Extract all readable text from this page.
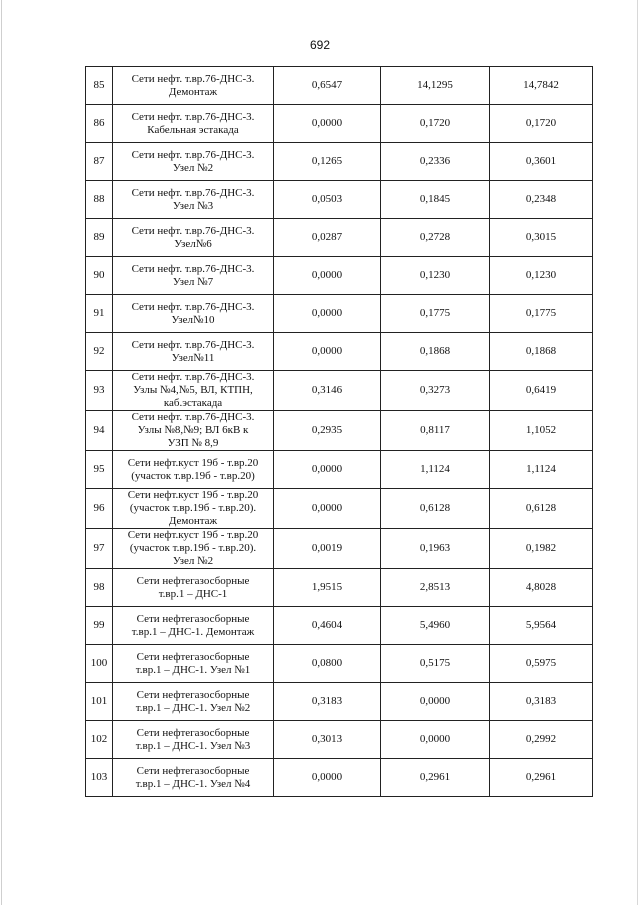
692
85	Сети нефт. т.вр.76-ДНС-3.
Демонтаж	0,6547	14,1295	14,7842
86	Сети нефт. т.вр.76-ДНС-3.
Кабельная эстакада	0,0000	0,1720	0,1720
87	Сети нефт. т.вр.76-ДНС-3.
Узел №2	0,1265	0,2336	0,3601
88	Сети нефт. т.вр.76-ДНС-3.
Узел №3	0,0503	0,1845	0,2348
89	Сети нефт. т.вр.76-ДНС-3.
Узел№6	0,0287	0,2728	0,3015
90	Сети нефт. т.вр.76-ДНС-3.
Узел №7	0,0000	0,1230	0,1230
91	Сети нефт. т.вр.76-ДНС-3.
Узел№10	0,0000	0,1775	0,1775
92	Сети нефт. т.вр.76-ДНС-3.
Узел№11	0,0000	0,1868	0,1868
93	Сети нефт. т.вр.76-ДНС-3.
Узлы №4,№5, ВЛ, КТПН,
каб.эстакада	0,3146	0,3273	0,6419
94	Сети нефт. т.вр.76-ДНС-3.
Узлы №8,№9; ВЛ 6кВ к
УЗП № 8,9	0,2935	0,8117	1,1052
95	Сети нефт.куст 19б - т.вр.20
(участок т.вр.19б - т.вр.20)	0,0000	1,1124	1,1124
96	Сети нефт.куст 19б - т.вр.20
(участок т.вр.19б - т.вр.20).
Демонтаж	0,0000	0,6128	0,6128
97	Сети нефт.куст 19б - т.вр.20
(участок т.вр.19б - т.вр.20).
Узел №2	0,0019	0,1963	0,1982
98	Сети нефтегазосборные
т.вр.1 – ДНС-1	1,9515	2,8513	4,8028
99	Сети нефтегазосборные
т.вр.1 – ДНС-1. Демонтаж	0,4604	5,4960	5,9564
100	Сети нефтегазосборные
т.вр.1 – ДНС-1. Узел №1	0,0800	0,5175	0,5975
101	Сети нефтегазосборные
т.вр.1 – ДНС-1. Узел №2	0,3183	0,0000	0,3183
102	Сети нефтегазосборные
т.вр.1 – ДНС-1. Узел №3	0,3013	0,0000	0,2992
103	Сети нефтегазосборные
т.вр.1 – ДНС-1. Узел №4	0,0000	0,2961	0,2961
